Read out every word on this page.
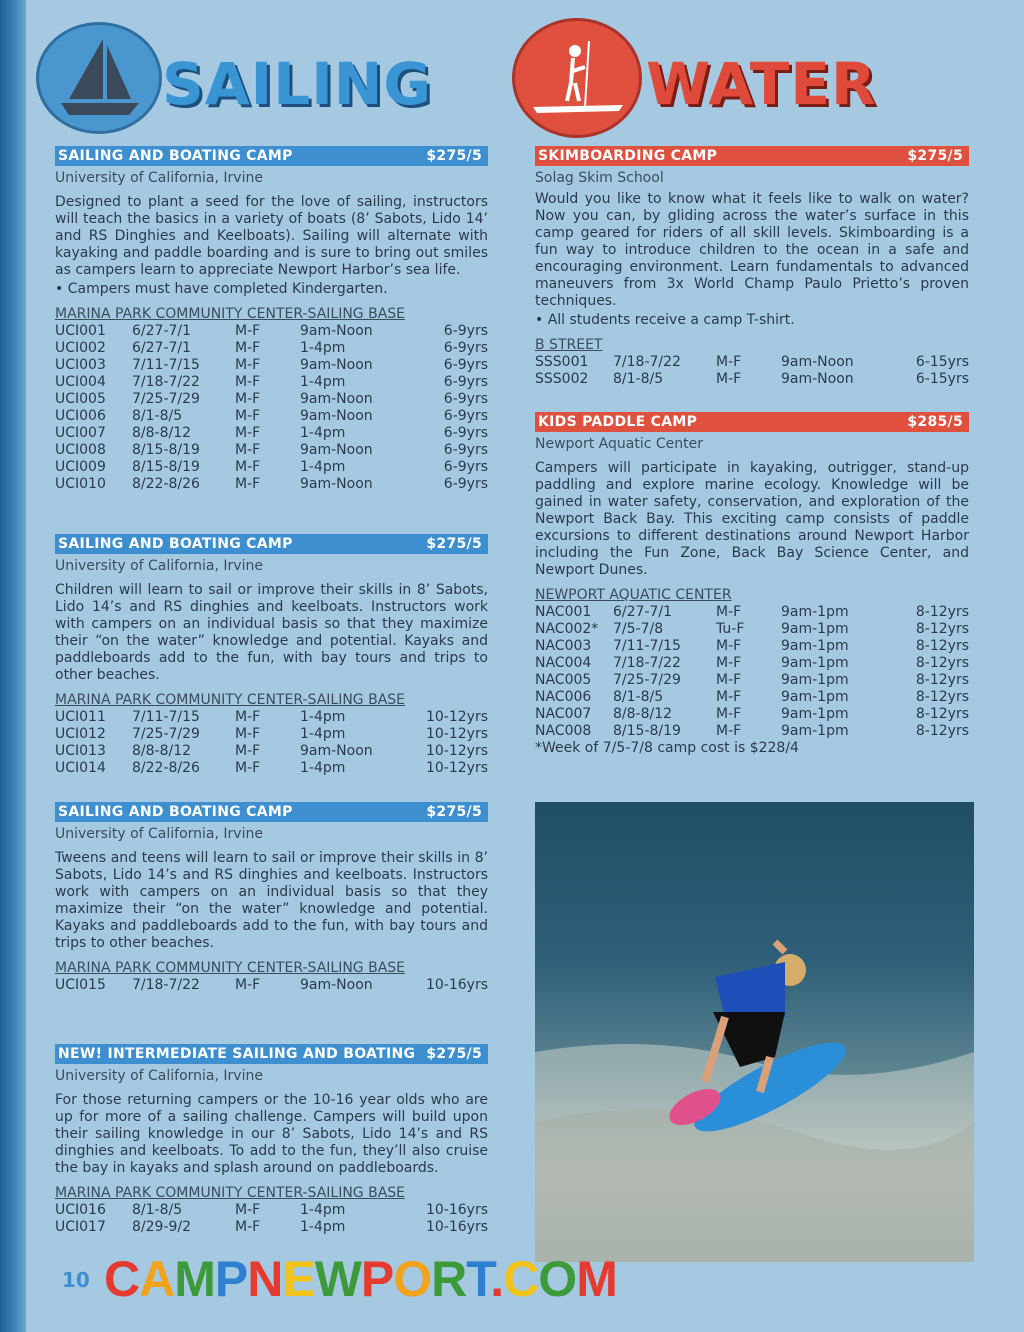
SAILING	WATER
SAILING AND BOATING CAMP	$275/5
University of California, Irvine
Designed to plant a seed for the love of sailing, instructors will teach the basics in a variety of boats (8’ Sabots, Lido 14’ and RS Dinghies and Keelboats). Sailing will alternate with kayaking and paddle boarding and is sure to bring out smiles as campers learn to appreciate Newport Harbor’s sea life.
• Campers must have completed Kindergarten.
MARINA PARK COMMUNITY CENTER-SAILING BASE
UCI001	6/27-7/1	M-F	9am-Noon	6-9yrs
UCI002	6/27-7/1	M-F	1-4pm	6-9yrs
UCI003	7/11-7/15	M-F	9am-Noon	6-9yrs
UCI004	7/18-7/22	M-F	1-4pm	6-9yrs
UCI005	7/25-7/29	M-F	9am-Noon	6-9yrs
UCI006	8/1-8/5	M-F	9am-Noon	6-9yrs
UCI007	8/8-8/12	M-F	1-4pm	6-9yrs
UCI008	8/15-8/19	M-F	9am-Noon	6-9yrs
UCI009	8/15-8/19	M-F	1-4pm	6-9yrs
UCI010	8/22-8/26	M-F	9am-Noon	6-9yrs
SAILING AND BOATING CAMP	$275/5
University of California, Irvine
Children will learn to sail or improve their skills in 8’ Sabots, Lido 14’s and RS dinghies and keelboats. Instructors work with campers on an individual basis so that they maximize their “on the water” knowledge and potential. Kayaks and paddleboards add to the fun, with bay tours and trips to other beaches.
MARINA PARK COMMUNITY CENTER-SAILING BASE
UCI011	7/11-7/15	M-F	1-4pm	10-12yrs
UCI012	7/25-7/29	M-F	1-4pm	10-12yrs
UCI013	8/8-8/12	M-F	9am-Noon	10-12yrs
UCI014	8/22-8/26	M-F	1-4pm	10-12yrs
SAILING AND BOATING CAMP	$275/5
University of California, Irvine
Tweens and teens will learn to sail or improve their skills in 8’ Sabots, Lido 14’s and RS dinghies and keelboats. Instructors work with campers on an individual basis so that they maximize their “on the water” knowledge and potential. Kayaks and paddleboards add to the fun, with bay tours and trips to other beaches.
MARINA PARK COMMUNITY CENTER-SAILING BASE
UCI015	7/18-7/22	M-F	9am-Noon	10-16yrs
NEW! INTERMEDIATE SAILING AND BOATING $275/5
University of California, Irvine
For those returning campers or the 10-16 year olds who are up for more of a sailing challenge. Campers will build upon their sailing knowledge in our 8’ Sabots, Lido 14’s and RS dinghies and keelboats. To add to the fun, they’ll also cruise the bay in kayaks and splash around on paddleboards.
MARINA PARK COMMUNITY CENTER-SAILING BASE
UCI016	8/1-8/5	M-F	1-4pm	10-16yrs
UCI017	8/29-9/2	M-F	1-4pm	10-16yrs
SKIMBOARDING CAMP	$275/5
Solag Skim School
Would you like to know what it feels like to walk on water? Now you can, by gliding across the water’s surface in this camp geared for riders of all skill levels. Skimboarding is a fun way to introduce children to the ocean in a safe and encouraging environment. Learn fundamentals to advanced maneuvers from 3x World Champ Paulo Prietto’s proven techniques.
• All students receive a camp T-shirt.
B STREET
SSS001	7/18-7/22	M-F	9am-Noon	6-15yrs
SSS002	8/1-8/5	M-F	9am-Noon	6-15yrs
KIDS PADDLE CAMP	$285/5
Newport Aquatic Center
Campers will participate in kayaking, outrigger, stand-up paddling and explore marine ecology. Knowledge will be gained in water safety, conservation, and exploration of the Newport Back Bay. This exciting camp consists of paddle excursions to different destinations around Newport Harbor including the Fun Zone, Back Bay Science Center, and Newport Dunes.
NEWPORT AQUATIC CENTER
NAC001	6/27-7/1	M-F	9am-1pm	8-12yrs
NAC002*	7/5-7/8	Tu-F	9am-1pm	8-12yrs
NAC003	7/11-7/15	M-F	9am-1pm	8-12yrs
NAC004	7/18-7/22	M-F	9am-1pm	8-12yrs
NAC005	7/25-7/29	M-F	9am-1pm	8-12yrs
NAC006	8/1-8/5	M-F	9am-1pm	8-12yrs
NAC007	8/8-8/12	M-F	9am-1pm	8-12yrs
NAC008	8/15-8/19	M-F	9am-1pm	8-12yrs
*Week of 7/5-7/8 camp cost is $228/4
10 CAMPNEWPORT.COM
